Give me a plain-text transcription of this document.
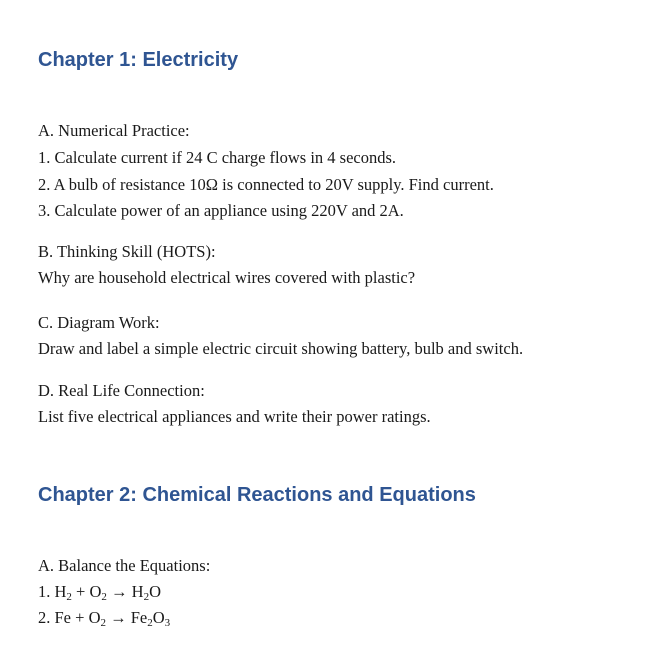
Chapter 1: Electricity

A. Numerical Practice:

1. Calculate current if 24 C charge flows in 4 seconds.

2. A bulb of resistance 10Ω is connected to 20V supply. Find current.

3. Calculate power of an appliance using 220V and 2A.

B. Thinking Skill (HOTS):

Why are household electrical wires covered with plastic?

C. Diagram Work:

Draw and label a simple electric circuit showing battery, bulb and switch.

D. Real Life Connection:

List five electrical appliances and write their power ratings.

Chapter 2: Chemical Reactions and Equations

A. Balance the Equations:

1. $H_2 + O_2 \to H_2O$

2. $Fe + O_2 \to Fe_2O_3$
